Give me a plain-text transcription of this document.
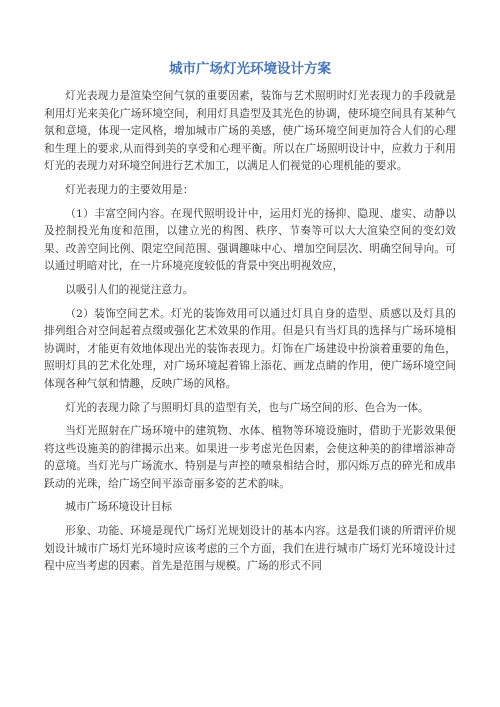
城市广场灯光环境设计方案
灯光表现力是渲染空间气氛的重要因素，装饰与艺术照明时灯光表现力的手段就是利用灯光来美化广场环境空间，利用灯具造型及其光色的协调，使环境空间具有某种气氛和意境，体现一定风格，增加城市广场的美感，使广场环境空间更加符合人们的心理和生理上的要求,从而得到美的享受和心理平衡。所以在广场照明设计中，应救力于利用灯光的表现力对环境空间进行艺术加工，以满足人们视觉的心理机能的要求。
灯光表现力的主要效用是：
（1）丰富空间内容。在现代照明设计中，运用灯光的扬抑、隐现、虚实、动静以及控制投光角度和范围，以建立光的构图、秩序、节奏等可以大大渲染空间的变幻效果、改善空间比例、限定空间范围、强调趣味中心、增加空间层次、明确空间导向。可以通过明暗对比，在一片环境亮度较低的背景中突出明视效应，
以吸引人们的视觉注意力。
（2）装饰空间艺术。灯光的装饰效用可以通过灯具自身的造型、质感以及灯具的排列组合对空间起着点缀或强化艺术效果的作用。但是只有当灯具的选择与广场环境相协调时，才能更有效地体现出光的装饰表现力。灯饰在广场建设中扮演着重要的角色，照明灯具的艺术化处理，对广场环境起着锦上添花、画龙点睛的作用，使广场环境空间体现各种气氛和情趣，反映广场的风格。
灯光的表现力除了与照明灯具的造型有关，也与广场空间的形、色合为一体。
当灯光照射在广场环境中的建筑物、水体、植物等环境设施时，借助于光影效果便将这些设施美的韵律揭示出来。如果进一步考虑光色因素，会使这种美的韵律增添神奇的意境。当灯光与广场流水、特别是与声控的喷泉相结合时，那闪烁万点的碎光和成串跃动的光珠，给广场空间平添奇丽多姿的艺术韵味。
城市广场环境设计目标
形象、功能、环境是现代广场灯光规划设计的基本内容。这是我们谈的所谓评价规划设计城市广场灯光环境时应该考虑的三个方面，我们在进行城市广场灯光环境设计过程中应当考虑的因素。首先是范围与规模。广场的形式不同
